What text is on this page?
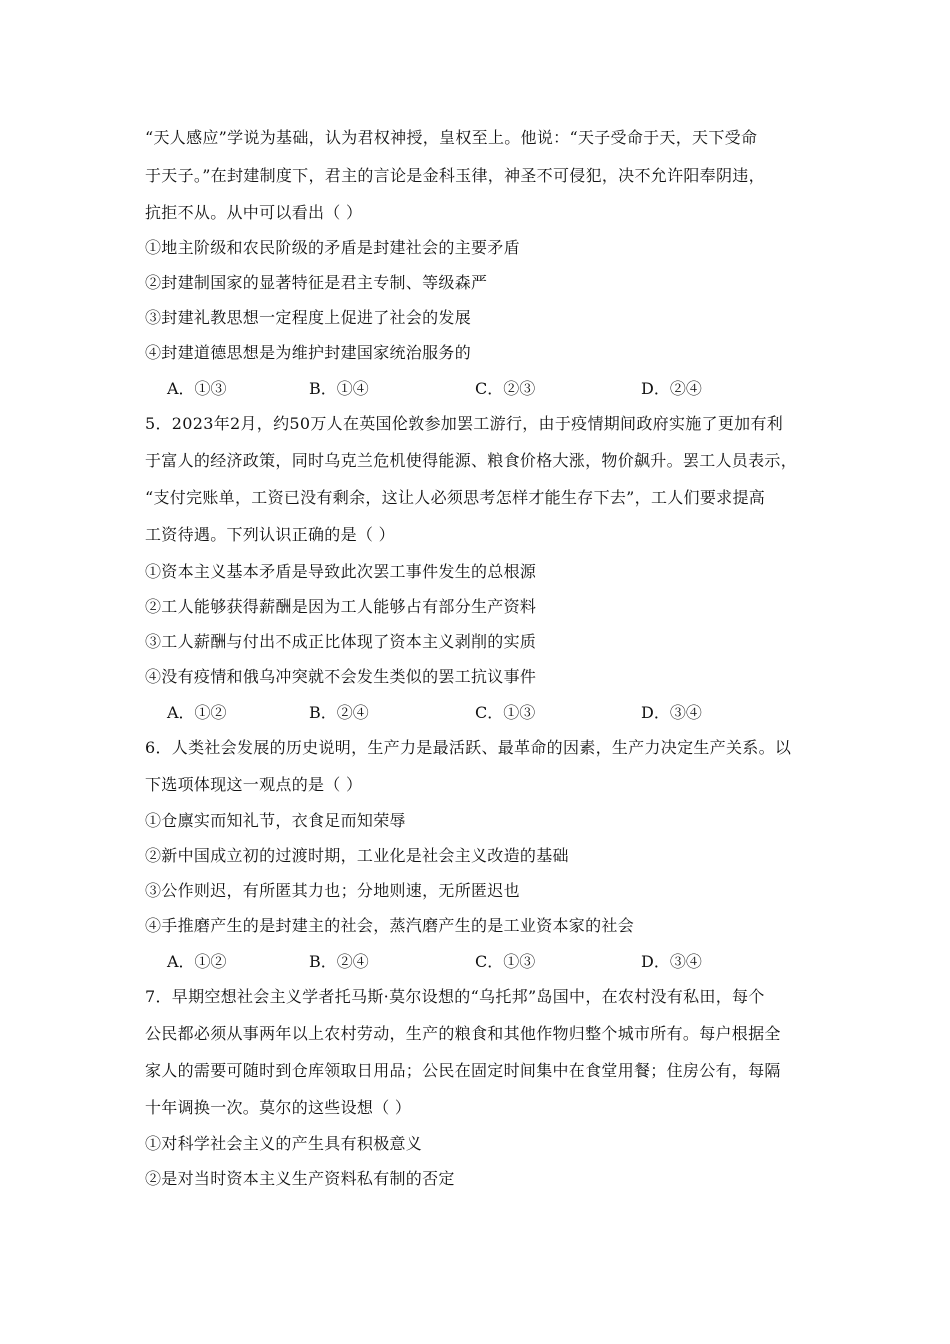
“天人感应”学说为基础，认为君权神授，皇权至上。他说：“天子受命于天，天下受命
于天子。”在封建制度下，君主的言论是金科玉律，神圣不可侵犯，决不允许阳奉阴违，
抗拒不从。从中可以看出（ ）
①地主阶级和农民阶级的矛盾是封建社会的主要矛盾
②封建制国家的显著特征是君主专制、等级森严
③封建礼教思想一定程度上促进了社会的发展
④封建道德思想是为维护封建国家统治服务的
A．①③	B．①④	C．②③	D．②④
5．2023年2月，约50万人在英国伦敦参加罢工游行，由于疫情期间政府实施了更加有利
于富人的经济政策，同时乌克兰危机使得能源、粮食价格大涨，物价飙升。罢工人员表示，
“支付完账单，工资已没有剩余，这让人必须思考怎样才能生存下去”，工人们要求提高
工资待遇。下列认识正确的是（ ）
①资本主义基本矛盾是导致此次罢工事件发生的总根源
②工人能够获得薪酬是因为工人能够占有部分生产资料
③工人薪酬与付出不成正比体现了资本主义剥削的实质
④没有疫情和俄乌冲突就不会发生类似的罢工抗议事件
A．①②	B．②④	C．①③	D．③④
6．人类社会发展的历史说明，生产力是最活跃、最革命的因素，生产力决定生产关系。以
下选项体现这一观点的是（ ）
①仓廪实而知礼节，衣食足而知荣辱
②新中国成立初的过渡时期，工业化是社会主义改造的基础
③公作则迟，有所匿其力也；分地则速，无所匿迟也
④手推磨产生的是封建主的社会，蒸汽磨产生的是工业资本家的社会
A．①②	B．②④	C．①③	D．③④
7．早期空想社会主义学者托马斯·莫尔设想的“乌托邦”岛国中，在农村没有私田，每个
公民都必须从事两年以上农村劳动，生产的粮食和其他作物归整个城市所有。每户根据全
家人的需要可随时到仓库领取日用品；公民在固定时间集中在食堂用餐；住房公有，每隔
十年调换一次。莫尔的这些设想（ ）
①对科学社会主义的产生具有积极意义
②是对当时资本主义生产资料私有制的否定
